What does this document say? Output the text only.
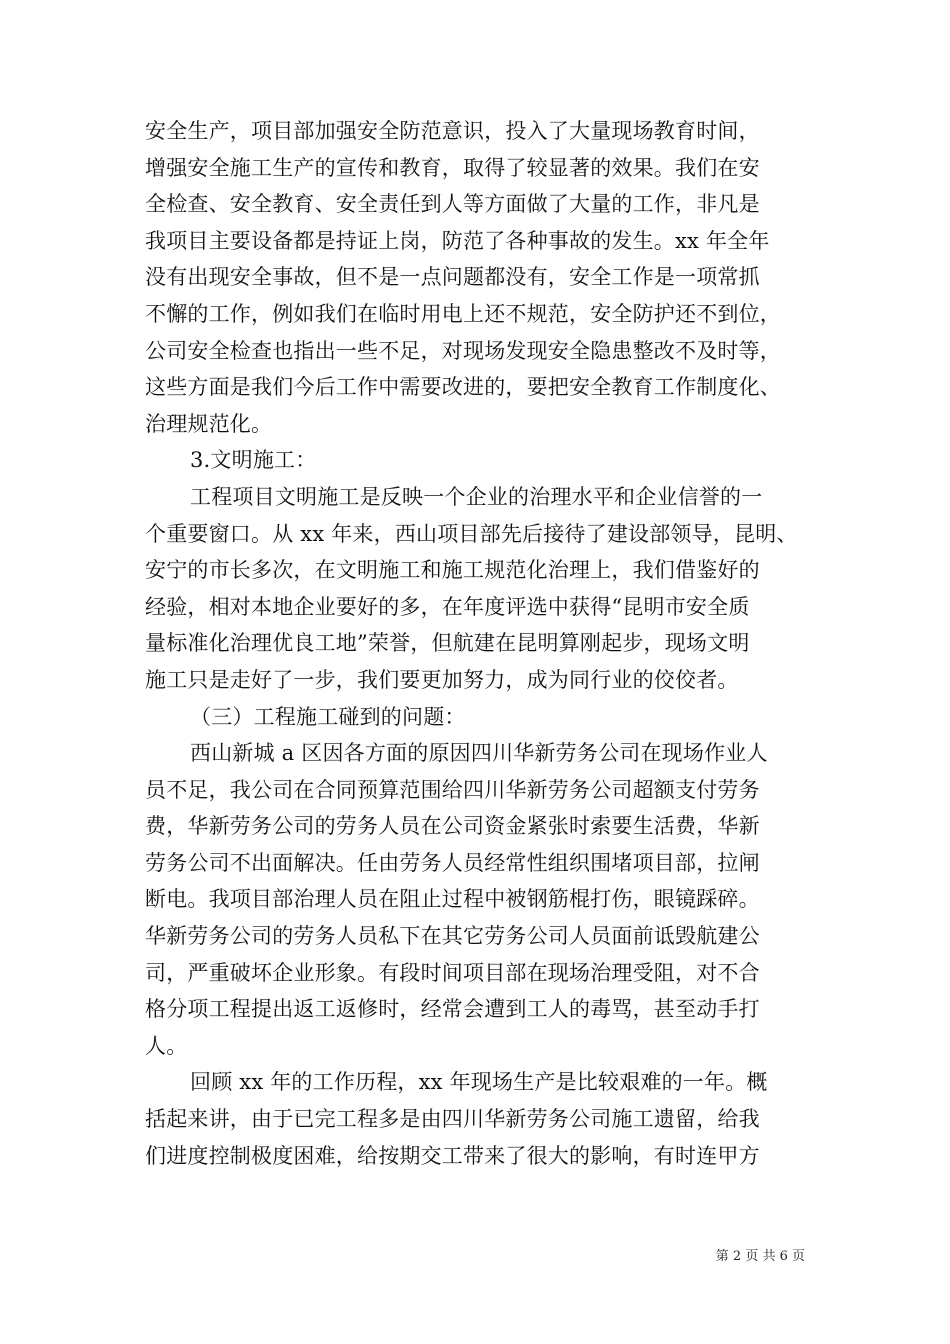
安全生产，项目部加强安全防范意识，投入了大量现场教育时间，
增强安全施工生产的宣传和教育，取得了较显著的效果。我们在安
全检查、安全教育、安全责任到人等方面做了大量的工作，非凡是
我项目主要设备都是持证上岗，防范了各种事故的发生。xx 年全年
没有出现安全事故，但不是一点问题都没有，安全工作是一项常抓
不懈的工作，例如我们在临时用电上还不规范，安全防护还不到位，
公司安全检查也指出一些不足，对现场发现安全隐患整改不及时等，
这些方面是我们今后工作中需要改进的，要把安全教育工作制度化、
治理规范化。
3.文明施工：
工程项目文明施工是反映一个企业的治理水平和企业信誉的一
个重要窗口。从 xx 年来，西山项目部先后接待了建设部领导，昆明、
安宁的市长多次，在文明施工和施工规范化治理上，我们借鉴好的
经验，相对本地企业要好的多，在年度评选中获得“昆明市安全质
量标准化治理优良工地”荣誉，但航建在昆明算刚起步，现场文明
施工只是走好了一步，我们要更加努力，成为同行业的佼佼者。
（三）工程施工碰到的问题：
西山新城 a 区因各方面的原因四川华新劳务公司在现场作业人
员不足，我公司在合同预算范围给四川华新劳务公司超额支付劳务
费，华新劳务公司的劳务人员在公司资金紧张时索要生活费，华新
劳务公司不出面解决。任由劳务人员经常性组织围堵项目部，拉闸
断电。我项目部治理人员在阻止过程中被钢筋棍打伤，眼镜踩碎。
华新劳务公司的劳务人员私下在其它劳务公司人员面前诋毁航建公
司，严重破坏企业形象。有段时间项目部在现场治理受阻，对不合
格分项工程提出返工返修时，经常会遭到工人的毒骂，甚至动手打
人。
回顾 xx 年的工作历程，xx 年现场生产是比较艰难的一年。概
括起来讲，由于已完工程多是由四川华新劳务公司施工遗留，给我
们进度控制极度困难，给按期交工带来了很大的影响，有时连甲方
第 2 页 共 6 页
